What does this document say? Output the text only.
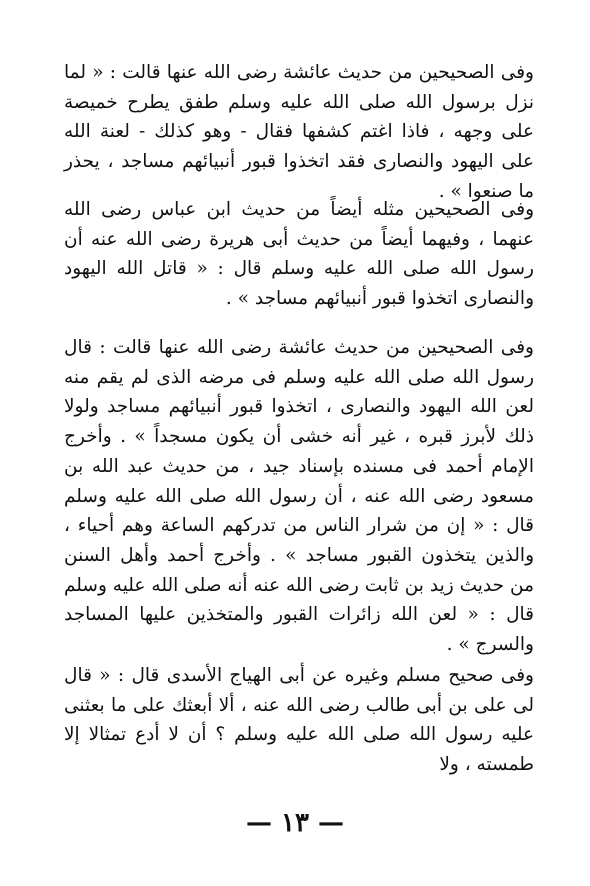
وفى الصحيحين من حديث عائشة رضى الله عنها قالت : « لما نزل برسول الله صلى الله عليه وسلم طفق يطرح خميصة على وجهه ، فاذا اغتم كشفها فقال - وهو كذلك - لعنة الله على اليهود والنصارى فقد اتخذوا قبور أنبيائهم مساجد ، يحذر ما صنعوا » .

وفى الصحيحين مثله أيضاً من حديث ابن عباس رضى الله عنهما ، وفيهما أيضاً من حديث أبى هريرة رضى الله عنه أن رسول الله صلى الله عليه وسلم قال : « قاتل الله اليهود والنصارى اتخذوا قبور أنبيائهم مساجد » .

وفى الصحيحين من حديث عائشة رضى الله عنها قالت : قال رسول الله صلى الله عليه وسلم فى مرضه الذى لم يقم منه لعن الله اليهود والنصارى ، اتخذوا قبور أنبيائهم مساجد ولولا ذلك لأبرز قبره ، غير أنه خشى أن يكون مسجداً » . وأخرج الإمام أحمد فى مسنده بإسناد جيد ، من حديث عبد الله بن مسعود رضى الله عنه ، أن رسول الله صلى الله عليه وسلم قال : « إن من شرار الناس من تدركهم الساعة وهم أحياء ، والذين يتخذون القبور مساجد » . وأخرج أحمد وأهل السنن من حديث زيد بن ثابت رضى الله عنه أنه صلى الله عليه وسلم قال : « لعن الله زائرات القبور والمتخذين عليها المساجد والسرج » .

وفى صحيح مسلم وغيره عن أبى الهياج الأسدى قال : « قال لى على بن أبى طالب رضى الله عنه ، ألا أبعثك على ما بعثنى عليه رسول الله صلى الله عليه وسلم ؟ أن لا أدع تمثالا إلا طمسته ، ولا

— ١٣ —
